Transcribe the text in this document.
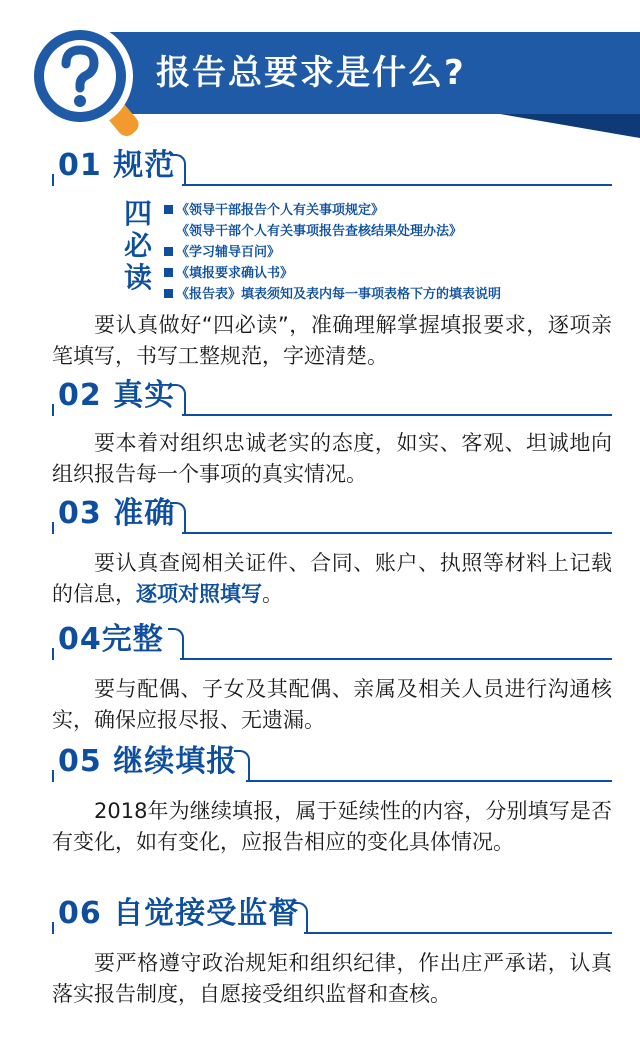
报告总要求是什么?
01 规范
四
必
读
《领导干部报告个人有关事项规定》
《领导干部个人有关事项报告查核结果处理办法》
《学习辅导百问》
《填报要求确认书》
《报告表》填表须知及表内每一事项表格下方的填表说明
要认真做好“四必读”，准确理解掌握填报要求，逐项亲笔填写，书写工整规范，字迹清楚。
02 真实
要本着对组织忠诚老实的态度，如实、客观、坦诚地向组织报告每一个事项的真实情况。
03 准确
要认真查阅相关证件、合同、账户、执照等材料上记载的信息，逐项对照填写。
04完整
要与配偶、子女及其配偶、亲属及相关人员进行沟通核实，确保应报尽报、无遗漏。
05 继续填报
2018年为继续填报，属于延续性的内容，分别填写是否有变化，如有变化，应报告相应的变化具体情况。
06 自觉接受监督
要严格遵守政治规矩和组织纪律，作出庄严承诺，认真落实报告制度，自愿接受组织监督和查核。
